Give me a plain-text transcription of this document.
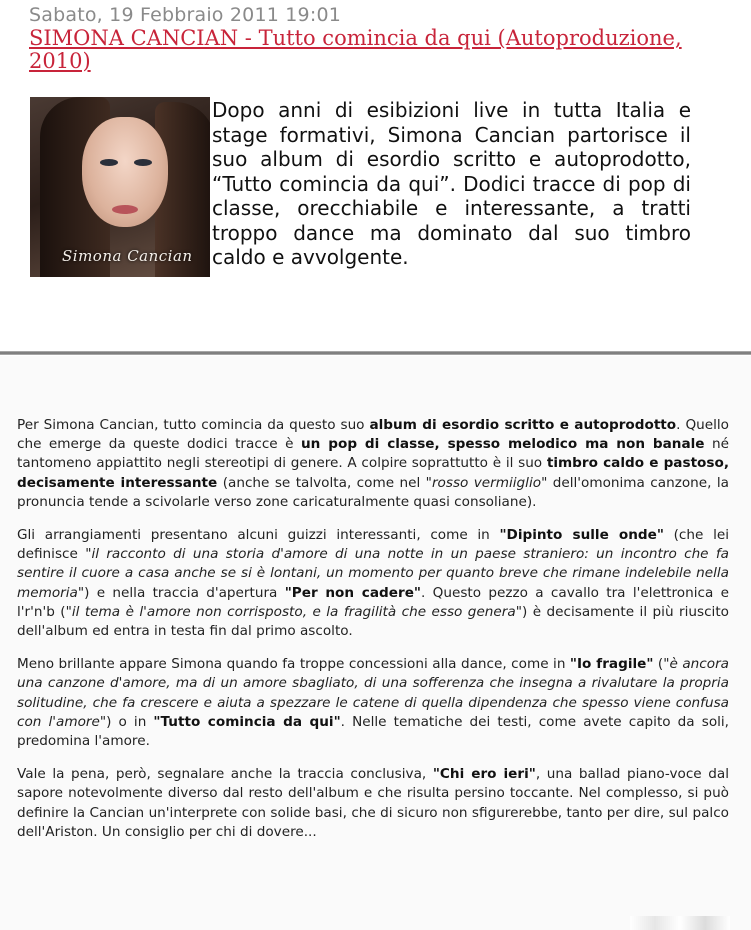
Sabato, 19 Febbraio 2011 19:01
SIMONA CANCIAN - Tutto comincia da qui (Autoproduzione, 2010)

Dopo anni di esibizioni live in tutta Italia e stage formativi, Simona Cancian partorisce il suo album di esordio scritto e autoprodotto, “Tutto comincia da qui”. Dodici tracce di pop di classe, orecchiabile e interessante, a tratti troppo dance ma dominato dal suo timbro caldo e avvolgente.

Simona Cancian

Per Simona Cancian, tutto comincia da questo suo album di esordio scritto e autoprodotto. Quello che emerge da queste dodici tracce è un pop di classe, spesso melodico ma non banale né tantomeno appiattito negli stereotipi di genere. A colpire soprattutto è il suo timbro caldo e pastoso, decisamente interessante (anche se talvolta, come nel "rosso vermiiglio" dell'omonima canzone, la pronuncia tende a scivolarle verso zone caricaturalmente quasi consoliane).

Gli arrangiamenti presentano alcuni guizzi interessanti, come in "Dipinto sulle onde" (che lei definisce "il racconto di una storia d'amore di una notte in un paese straniero: un incontro che fa sentire il cuore a casa anche se si è lontani, un momento per quanto breve che rimane indelebile nella memoria") e nella traccia d'apertura "Per non cadere". Questo pezzo a cavallo tra l'elettronica e l'r'n'b ("il tema è l'amore non corrisposto, e la fragilità che esso genera") è decisamente il più riuscito dell'album ed entra in testa fin dal primo ascolto.

Meno brillante appare Simona quando fa troppe concessioni alla dance, come in "Io fragile" ("è ancora una canzone d'amore, ma di un amore sbagliato, di una sofferenza che insegna a rivalutare la propria solitudine, che fa crescere e aiuta a spezzare le catene di quella dipendenza che spesso viene confusa con l'amore") o in "Tutto comincia da qui". Nelle tematiche dei testi, come avete capito da soli, predomina l'amore.

Vale la pena, però, segnalare anche la traccia conclusiva, "Chi ero ieri", una ballad piano-voce dal sapore notevolmente diverso dal resto dell'album e che risulta persino toccante. Nel complesso, si può definire la Cancian un'interprete con solide basi, che di sicuro non sfigurerebbe, tanto per dire, sul palco dell'Ariston. Un consiglio per chi di dovere...
